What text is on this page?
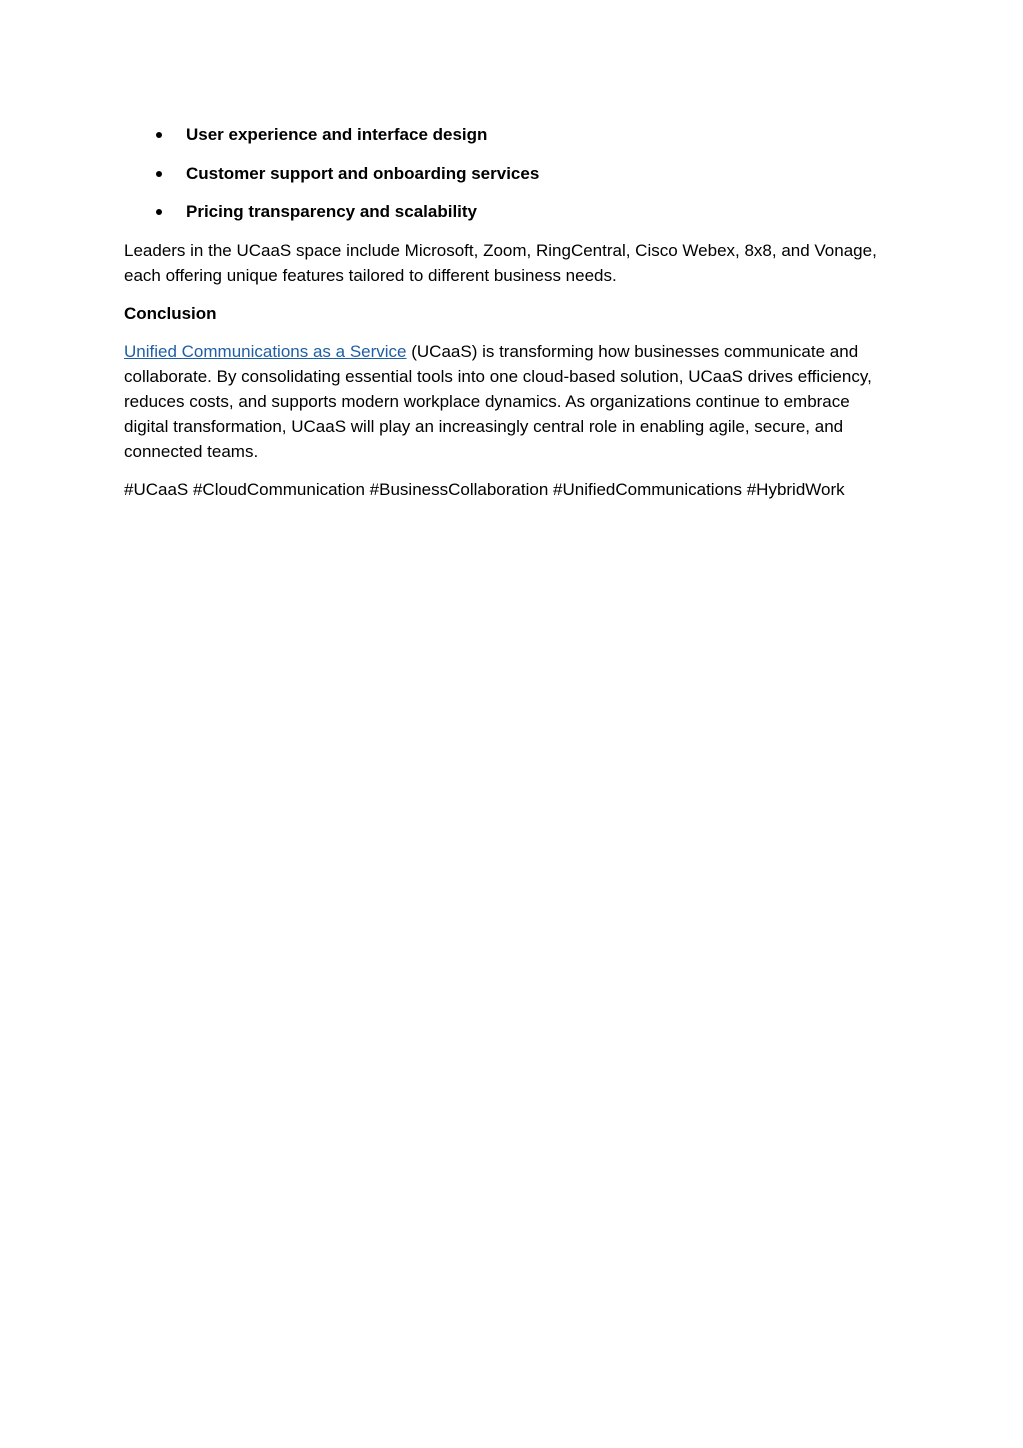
User experience and interface design
Customer support and onboarding services
Pricing transparency and scalability

Leaders in the UCaaS space include Microsoft, Zoom, RingCentral, Cisco Webex, 8x8, and Vonage, each offering unique features tailored to different business needs.

Conclusion

Unified Communications as a Service (UCaaS) is transforming how businesses communicate and collaborate. By consolidating essential tools into one cloud-based solution, UCaaS drives efficiency, reduces costs, and supports modern workplace dynamics. As organizations continue to embrace digital transformation, UCaaS will play an increasingly central role in enabling agile, secure, and connected teams.

#UCaaS #CloudCommunication #BusinessCollaboration #UnifiedCommunications #HybridWork
